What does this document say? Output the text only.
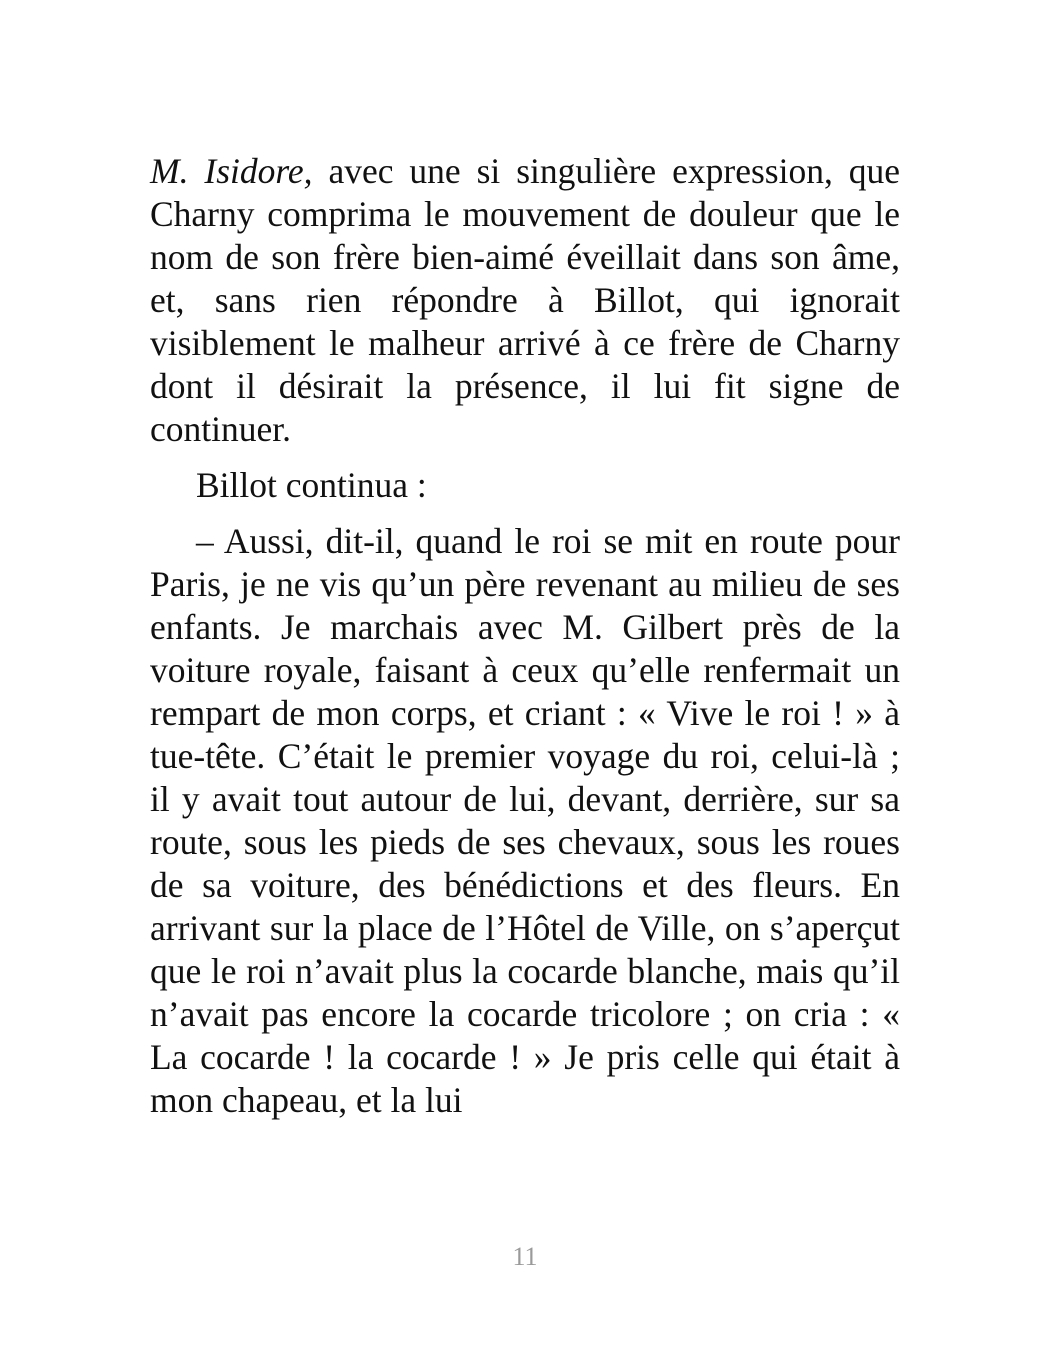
M. Isidore, avec une si singulière expression, que Charny comprima le mouvement de douleur que le nom de son frère bien-aimé éveillait dans son âme, et, sans rien répondre à Billot, qui ignorait visiblement le malheur arrivé à ce frère de Charny dont il désirait la présence, il lui fit signe de continuer.

Billot continua :

– Aussi, dit-il, quand le roi se mit en route pour Paris, je ne vis qu’un père revenant au milieu de ses enfants. Je marchais avec M. Gilbert près de la voiture royale, faisant à ceux qu’elle renfermait un rempart de mon corps, et criant : « Vive le roi ! » à tue-tête. C’était le premier voyage du roi, celui-là ; il y avait tout autour de lui, devant, derrière, sur sa route, sous les pieds de ses chevaux, sous les roues de sa voiture, des bénédictions et des fleurs. En arrivant sur la place de l’Hôtel de Ville, on s’aperçut que le roi n’avait plus la cocarde blanche, mais qu’il n’avait pas encore la cocarde tricolore ; on cria : « La cocarde ! la cocarde ! » Je pris celle qui était à mon chapeau, et la lui

11
